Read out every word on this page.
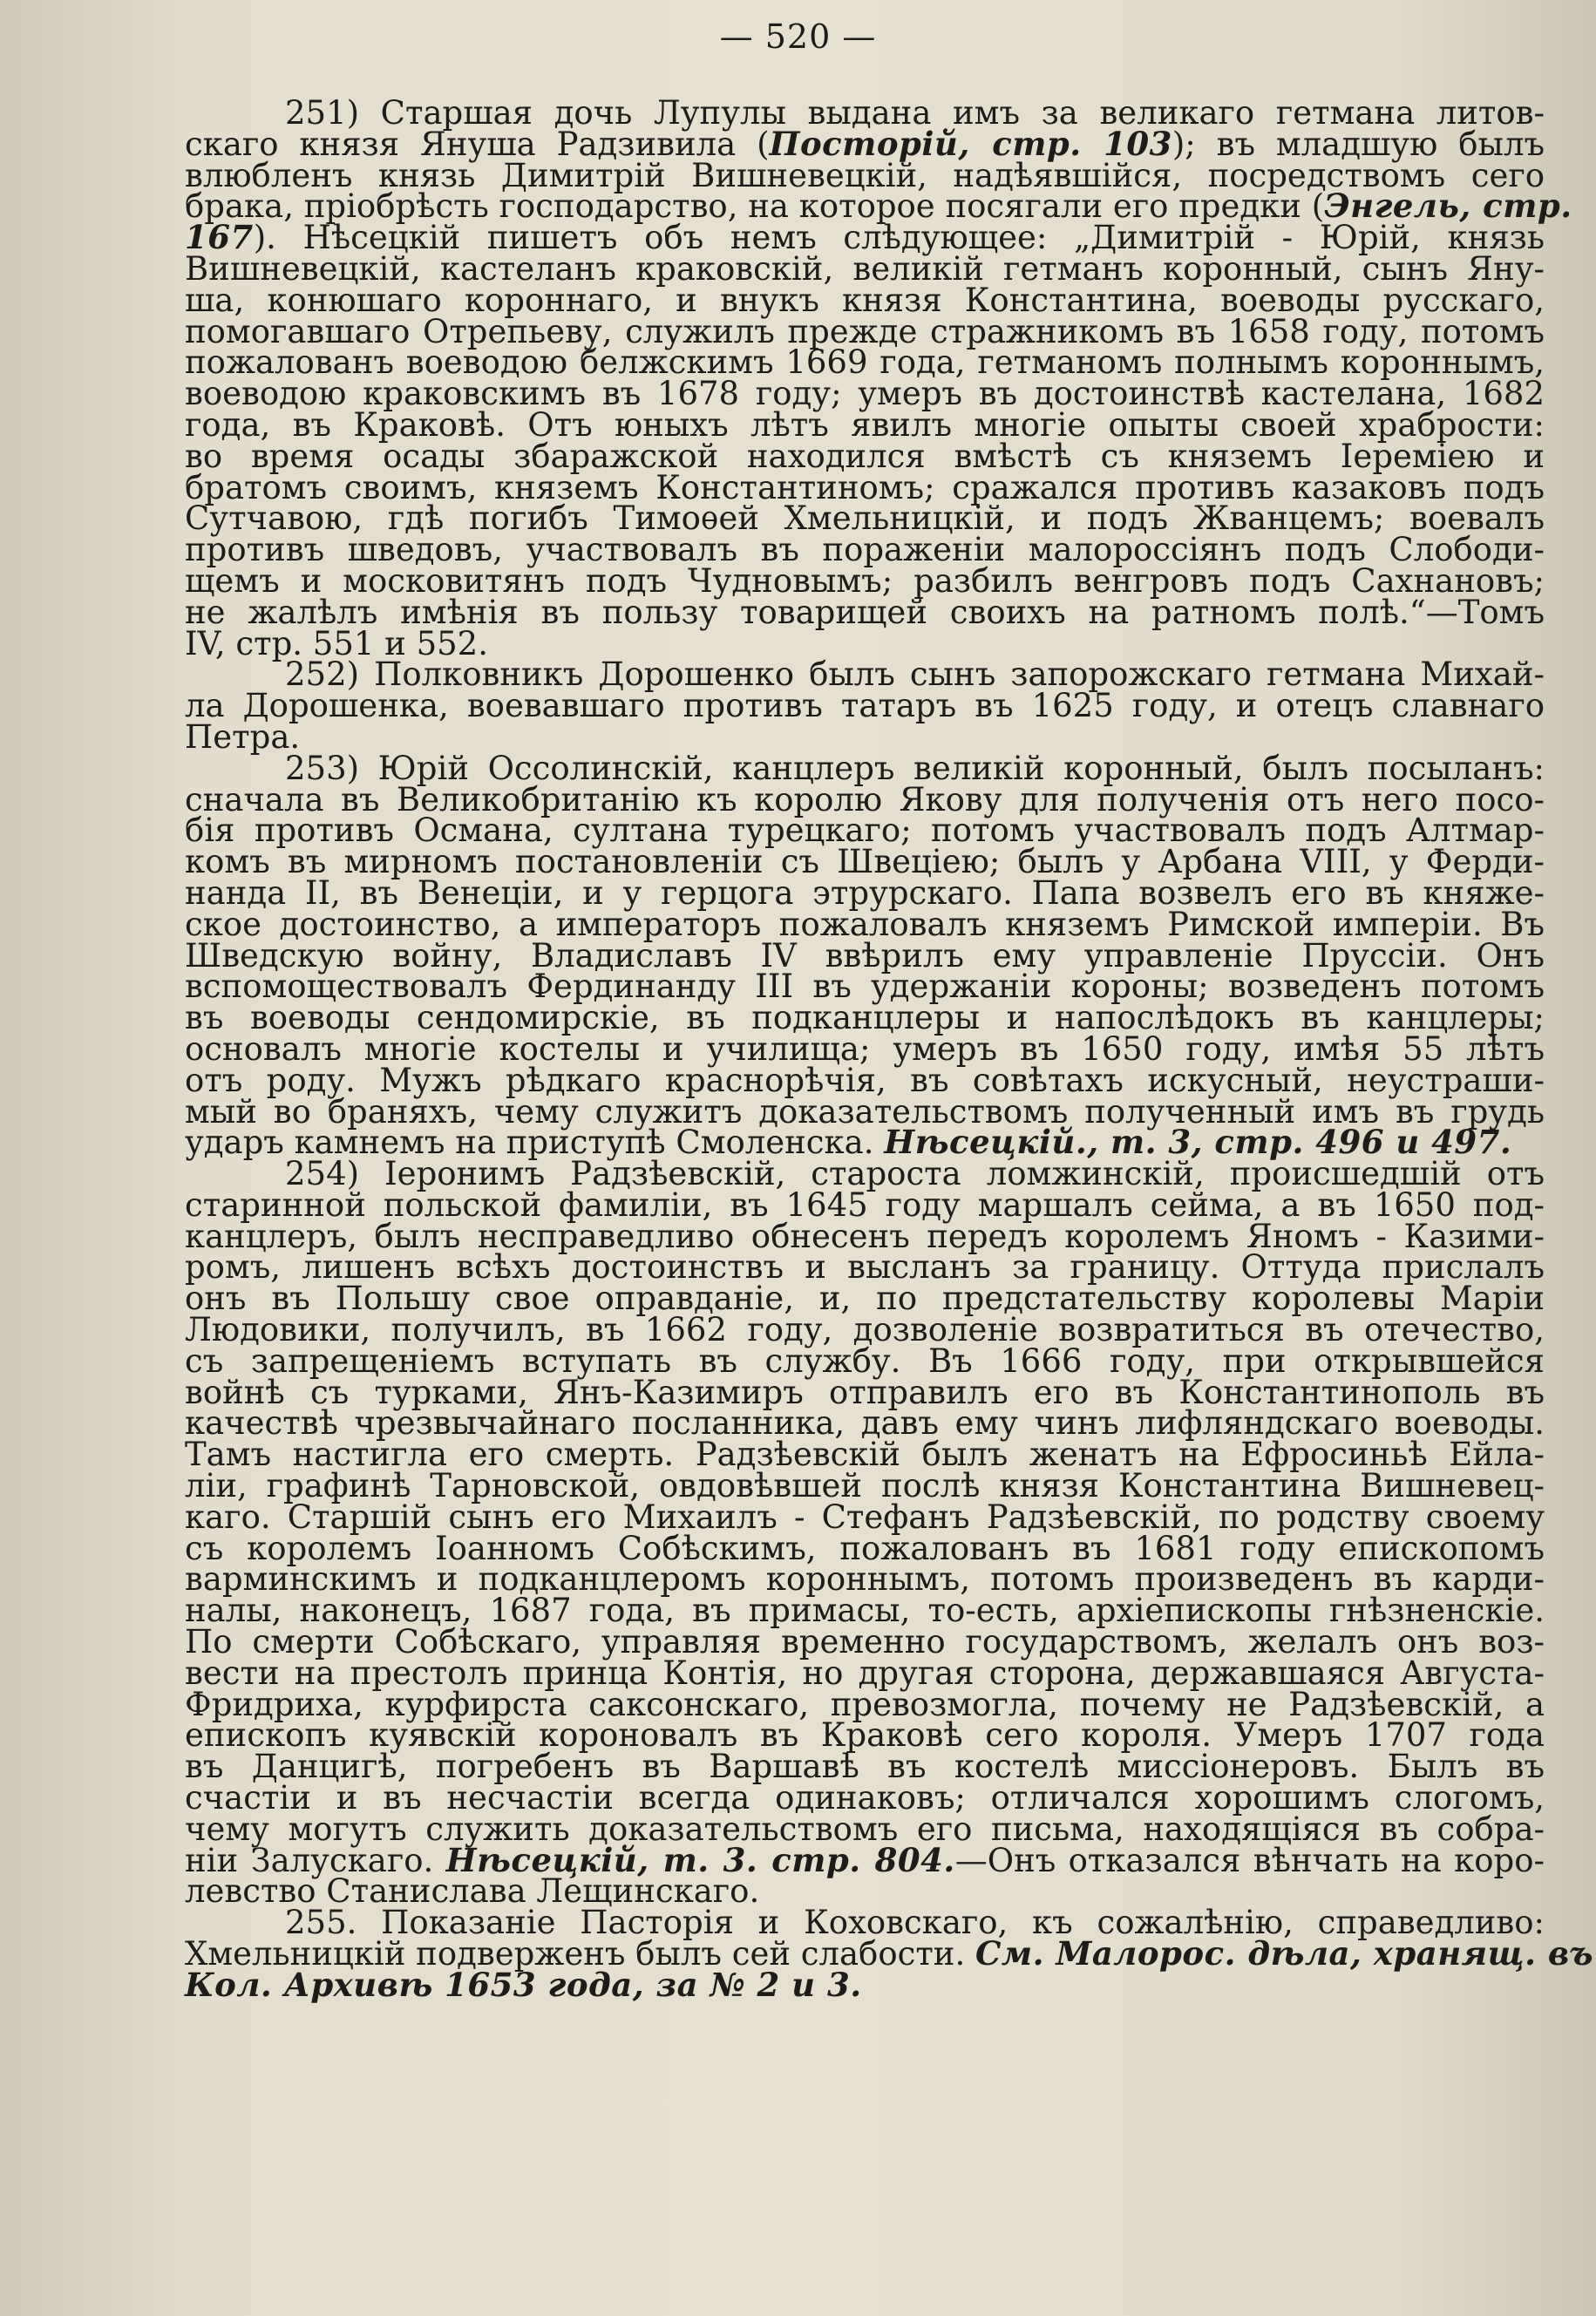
— 520 —
251) Старшая дочь Лупулы выдана имъ за великаго гетмана литов-
скаго князя Януша Радзивила (Посторій, стр. 103); въ младшую былъ
влюбленъ князь Димитрій Вишневецкій, надѣявшійся, посредствомъ сего
брака, пріобрѣсть господарство, на которое посягали его предки (Энгель, стр.
167). Нѣсецкій пишетъ объ немъ слѣдующее: „Димитрій - Юрій, князь
Вишневецкій, кастеланъ краковскій, великій гетманъ коронный, сынъ Яну-
ша, конюшаго короннаго, и внукъ князя Константина, воеводы русскаго,
помогавшаго Отрепьеву, служилъ прежде стражникомъ въ 1658 году, потомъ
пожалованъ воеводою белжскимъ 1669 года, гетманомъ полнымъ короннымъ,
воеводою краковскимъ въ 1678 году; умеръ въ достоинствѣ кастелана, 1682
года, въ Краковѣ. Отъ юныхъ лѣтъ явилъ многіе опыты своей храбрости:
во время осады збаражской находился вмѣстѣ съ княземъ Іереміею и
братомъ своимъ, княземъ Константиномъ; сражался противъ казаковъ подъ
Сутчавою, гдѣ погибъ Тимоѳей Хмельницкій, и подъ Жванцемъ; воевалъ
противъ шведовъ, участвовалъ въ пораженіи малороссіянъ подъ Слободи-
щемъ и московитянъ подъ Чудновымъ; разбилъ венгровъ подъ Сахнановъ;
не жалѣлъ имѣнія въ пользу товарищей своихъ на ратномъ полѣ.“—Томъ
IV, стр. 551 и 552.
252) Полковникъ Дорошенко былъ сынъ запорожскаго гетмана Михай-
ла Дорошенка, воевавшаго противъ татаръ въ 1625 году, и отецъ славнаго
Петра.
253) Юрій Оссолинскій, канцлеръ великій коронный, былъ посыланъ:
сначала въ Великобританію къ королю Якову для полученія отъ него посо-
бія противъ Османа, султана турецкаго; потомъ участвовалъ подъ Алтмар-
комъ въ мирномъ постановленіи съ Швеціею; былъ у Арбана VIII, у Ферди-
нанда II, въ Венеціи, и у герцога этрурскаго. Папа возвелъ его въ княже-
ское достоинство, а императоръ пожаловалъ княземъ Римской имперіи. Въ
Шведскую войну, Владиславъ IV ввѣрилъ ему управленіе Пруссіи. Онъ
вспомоществовалъ Фердинанду III въ удержаніи короны; возведенъ потомъ
въ воеводы сендомирскіе, въ подканцлеры и напослѣдокъ въ канцлеры;
основалъ многіе костелы и училища; умеръ въ 1650 году, имѣя 55 лѣтъ
отъ роду. Мужъ рѣдкаго краснорѣчія, въ совѣтахъ искусный, неустраши-
мый во браняхъ, чему служитъ доказательствомъ полученный имъ въ грудь
ударъ камнемъ на приступѣ Смоленска. Нѣсецкій., т. 3, стр. 496 и 497.
254) Іеронимъ Радзѣевскій, староста ломжинскій, происшедшій отъ
старинной польской фамиліи, въ 1645 году маршалъ сейма, а въ 1650 под-
канцлеръ, былъ несправедливо обнесенъ передъ королемъ Яномъ - Казими-
ромъ, лишенъ всѣхъ достоинствъ и высланъ за границу. Оттуда прислалъ
онъ въ Польшу свое оправданіе, и, по предстательству королевы Маріи
Людовики, получилъ, въ 1662 году, дозволеніе возвратиться въ отечество,
съ запрещеніемъ вступать въ службу. Въ 1666 году, при открывшейся
войнѣ съ турками, Янъ-Казимиръ отправилъ его въ Константинополь въ
качествѣ чрезвычайнаго посланника, давъ ему чинъ лифляндскаго воеводы.
Тамъ настигла его смерть. Радзѣевскій былъ женатъ на Ефросиньѣ Ейла-
ліи, графинѣ Тарновской, овдовѣвшей послѣ князя Константина Вишневец-
каго. Старшій сынъ его Михаилъ - Стефанъ Радзѣевскій, по родству своему
съ королемъ Іоанномъ Собѣскимъ, пожалованъ въ 1681 году епископомъ
варминскимъ и подканцлеромъ короннымъ, потомъ произведенъ въ карди-
налы, наконецъ, 1687 года, въ примасы, то-есть, архіепископы гнѣзненскіе.
По смерти Собѣскаго, управляя временно государствомъ, желалъ онъ воз-
вести на престолъ принца Контія, но другая сторона, державшаяся Августа-
Фридриха, курфирста саксонскаго, превозмогла, почему не Радзѣевскій, а
епископъ куявскій короновалъ въ Краковѣ сего короля. Умеръ 1707 года
въ Данцигѣ, погребенъ въ Варшавѣ въ костелѣ миссіонеровъ. Былъ въ
счастіи и въ несчастіи всегда одинаковъ; отличался хорошимъ слогомъ,
чему могутъ служить доказательствомъ его письма, находящіяся въ собра-
ніи Залускаго. Нѣсецкій, т. 3. стр. 804.—Онъ отказался вѣнчать на коро-
левство Станислава Лещинскаго.
255. Показаніе Пасторія и Коховскаго, къ сожалѣнію, справедливо:
Хмельницкій подверженъ былъ сей слабости. См. Малорос. дѣла, хранящ. въ
Кол. Архивѣ 1653 года, за № 2 и 3.
